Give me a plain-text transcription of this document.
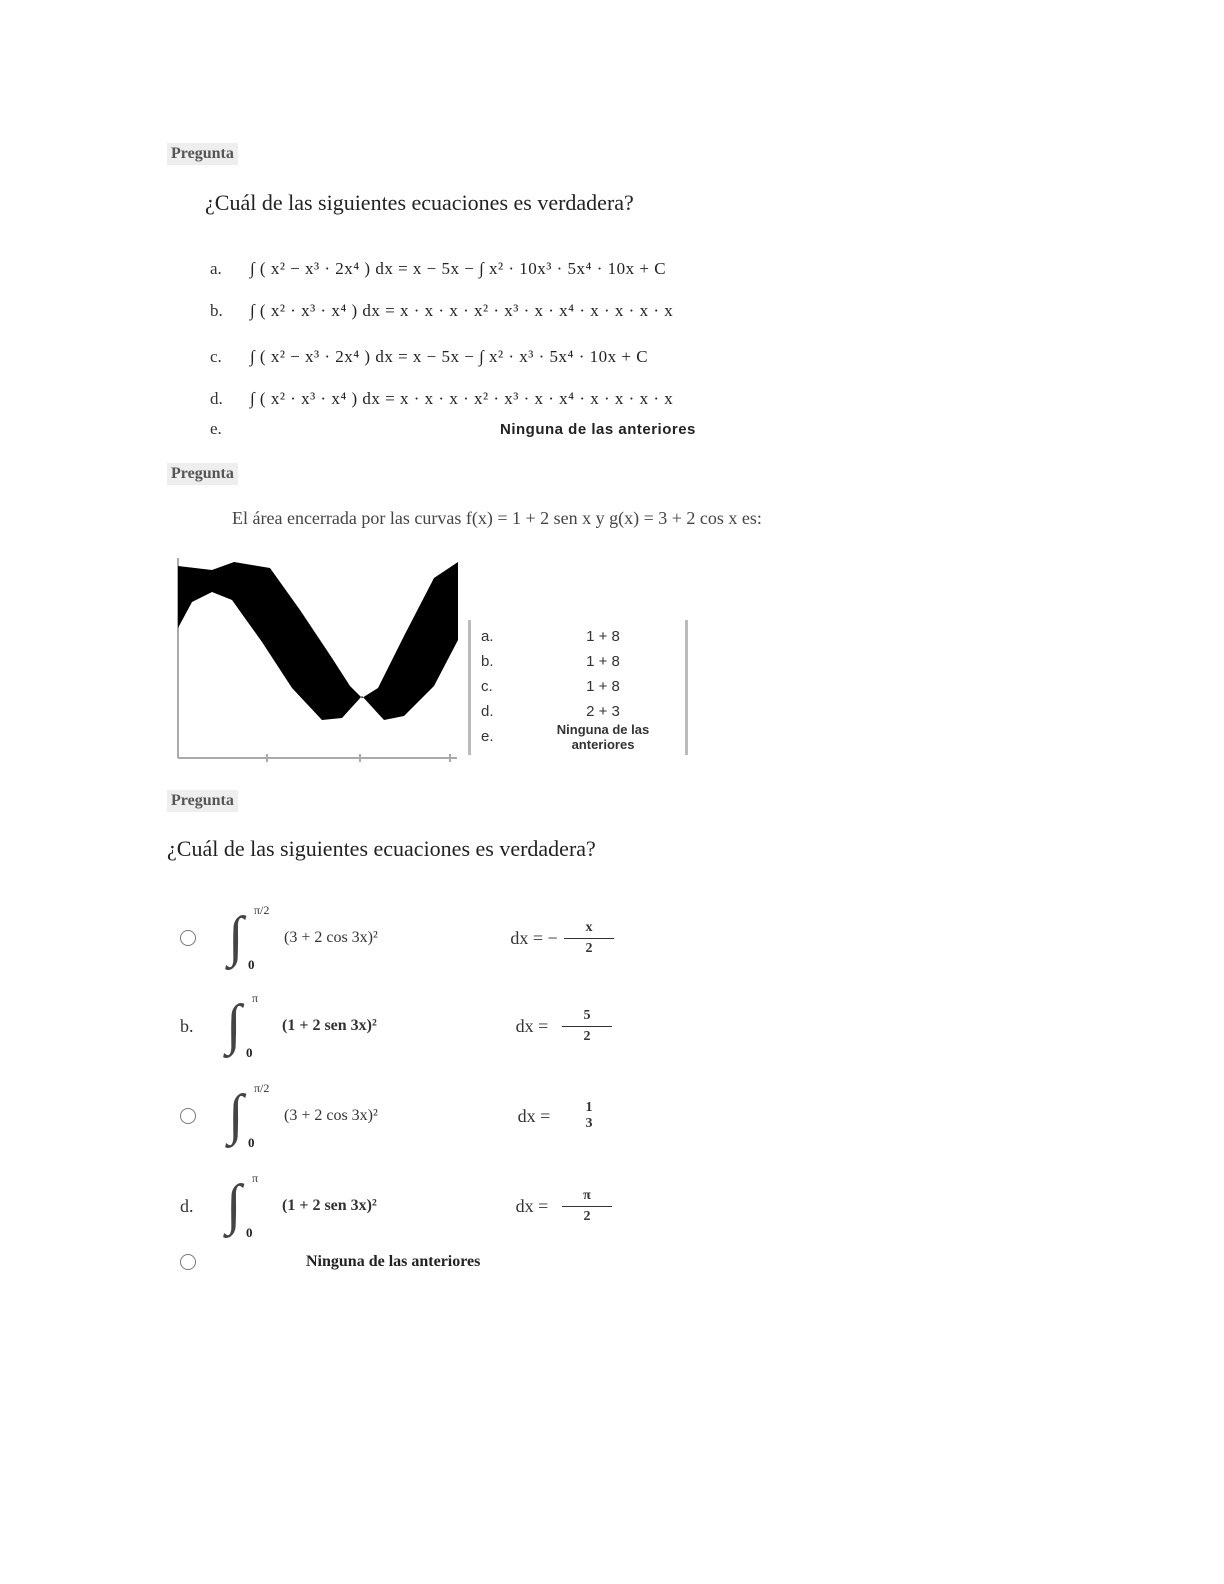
Pregunta
¿Cuál de las siguientes ecuaciones es verdadera?
a.	∫ ( x² − x³ · 2x⁴ ) dx = x − 5x − ∫ x² · 10x³ · 5x⁴ · 10x + C
b.	∫ ( x² · x³ · x⁴ ) dx = x · x · x · x² · x³ · x · x⁴ · x · x · x · x
c.	∫ ( x² − x³ · 2x⁴ ) dx = x − 5x − ∫ x² · x³ · 5x⁴ · 10x + C
d.	∫ ( x² · x³ · x⁴ ) dx = x · x · x · x² · x³ · x · x⁴ · x · x · x · x
e.	Ninguna de las anteriores
Pregunta
El área encerrada por las curvas f(x) = 1 + 2 sen x y g(x) = 3 + 2 cos x es:
a.	1 + 8
b.	1 + 8
c.	1 + 8
d.	2 + 3
e.	Ninguna de las anteriores
Pregunta
¿Cuál de las siguientes ecuaciones es verdadera?
∫ π/2
0
(3 + 2 cos 3x)²	dx = − $\frac{x}{2}$
b. ∫ π
0
(1 + 2 sen 3x)²	dx = $\frac{5}{2}$
∫ π/2
0
(3 + 2 cos 3x)²	dx =	1
3
d. ∫ π
0
(1 + 2 sen 3x)²	dx = $\frac{\pi}{2}$
Ninguna de las anteriores
